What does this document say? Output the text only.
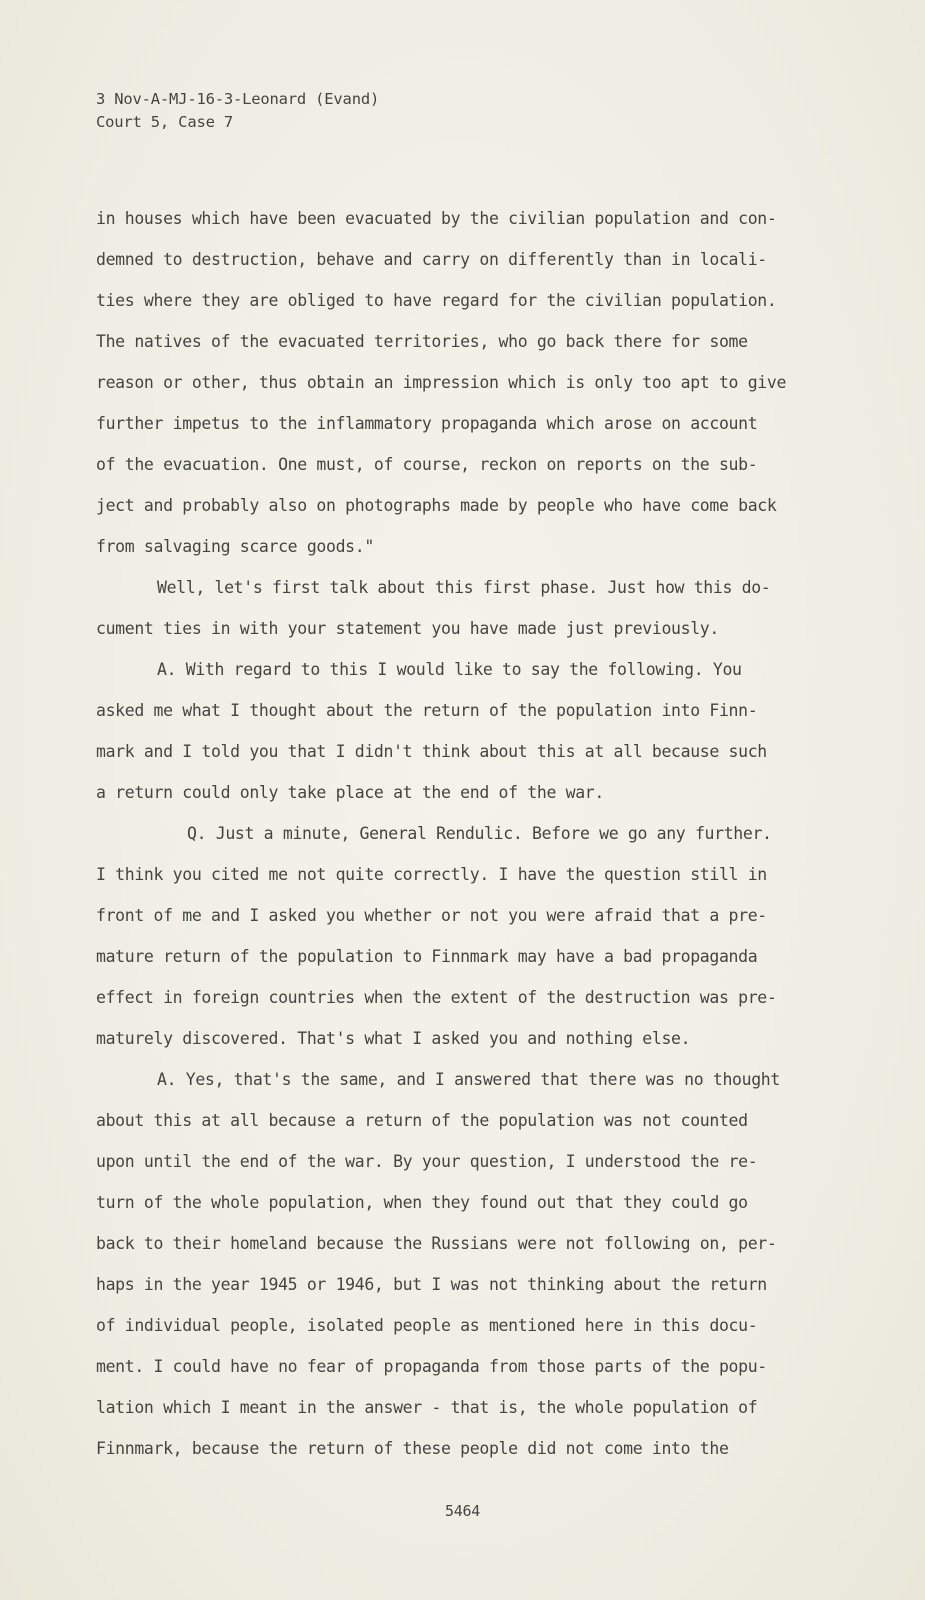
3 Nov-A-MJ-16-3-Leonard (Evand)
Court 5, Case 7
in houses which have been evacuated by the civilian population and con-
demned to destruction, behave and carry on differently than in locali-
ties where they are obliged to have regard for the civilian population.
The natives of the evacuated territories, who go back there for some
reason or other, thus obtain an impression which is only too apt to give
further impetus to the inflammatory propaganda which arose on account
of the evacuation. One must, of course, reckon on reports on the sub-
ject and probably also on photographs made by people who have come back
from salvaging scarce goods."
Well, let's first talk about this first phase. Just how this do-
cument ties in with your statement you have made just previously.
A. With regard to this I would like to say the following. You
asked me what I thought about the return of the population into Finn-
mark and I told you that I didn't think about this at all because such
a return could only take place at the end of the war.
Q. Just a minute, General Rendulic. Before we go any further.
I think you cited me not quite correctly. I have the question still in
front of me and I asked you whether or not you were afraid that a pre-
mature return of the population to Finnmark may have a bad propaganda
effect in foreign countries when the extent of the destruction was pre-
maturely discovered. That's what I asked you and nothing else.
A. Yes, that's the same, and I answered that there was no thought
about this at all because a return of the population was not counted
upon until the end of the war. By your question, I understood the re-
turn of the whole population, when they found out that they could go
back to their homeland because the Russians were not following on, per-
haps in the year 1945 or 1946, but I was not thinking about the return
of individual people, isolated people as mentioned here in this docu-
ment. I could have no fear of propaganda from those parts of the popu-
lation which I meant in the answer - that is, the whole population of
Finnmark, because the return of these people did not come into the
5464
